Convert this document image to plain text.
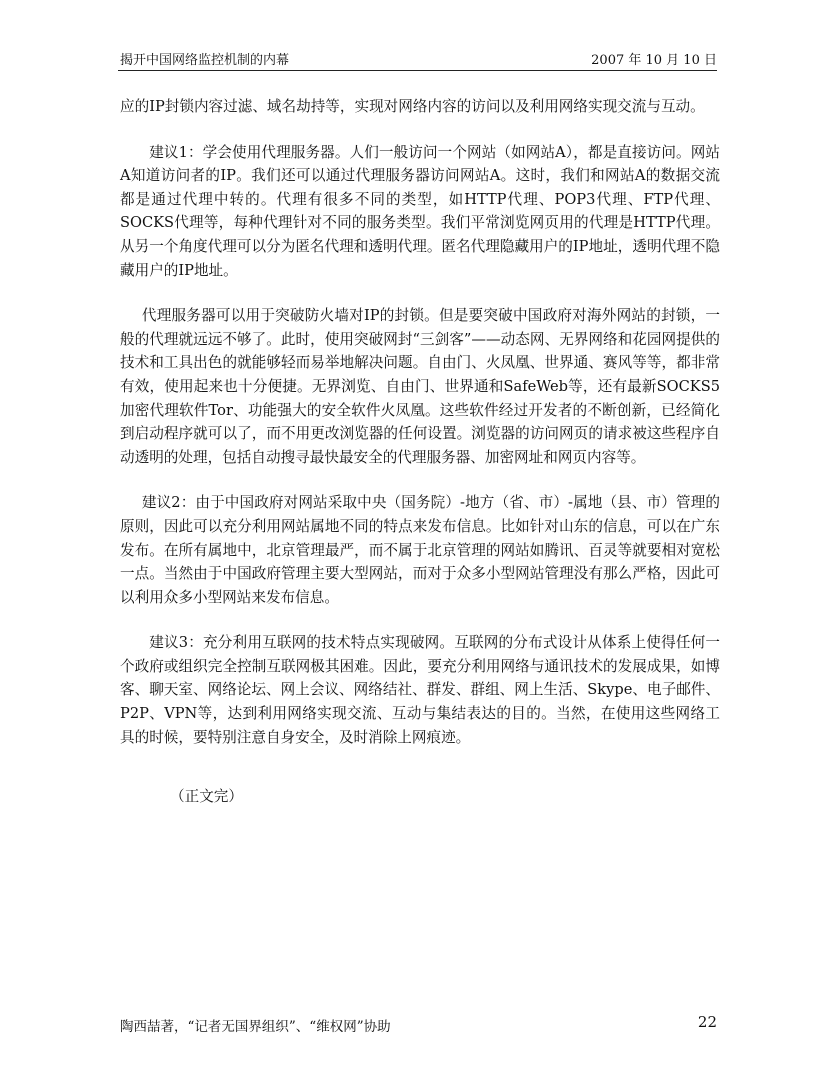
揭开中国网络监控机制的内幕	2007 年 10 月 10 日

应的IP封锁内容过滤、域名劫持等，实现对网络内容的访问以及利用网络实现交流与互动。

建议1：学会使用代理服务器。人们一般访问一个网站（如网站A），都是直接访问。网站A知道访问者的IP。我们还可以通过代理服务器访问网站A。这时，我们和网站A的数据交流都是通过代理中转的。代理有很多不同的类型，如HTTP代理、POP3代理、FTP代理、SOCKS代理等，每种代理针对不同的服务类型。我们平常浏览网页用的代理是HTTP代理。从另一个角度代理可以分为匿名代理和透明代理。匿名代理隐藏用户的IP地址，透明代理不隐藏用户的IP地址。

代理服务器可以用于突破防火墙对IP的封锁。但是要突破中国政府对海外网站的封锁，一般的代理就远远不够了。此时，使用突破网封“三剑客”——动态网、无界网络和花园网提供的技术和工具出色的就能够轻而易举地解决问题。自由门、火凤凰、世界通、赛风等等，都非常有效，使用起来也十分便捷。无界浏览、自由门、世界通和SafeWeb等，还有最新SOCKS5加密代理软件Tor、功能强大的安全软件火凤凰。这些软件经过开发者的不断创新，已经简化到启动程序就可以了，而不用更改浏览器的任何设置。浏览器的访问网页的请求被这些程序自动透明的处理，包括自动搜寻最快最安全的代理服务器、加密网址和网页内容等。

建议2：由于中国政府对网站采取中央（国务院）-地方（省、市）-属地（县、市）管理的原则，因此可以充分利用网站属地不同的特点来发布信息。比如针对山东的信息，可以在广东发布。在所有属地中，北京管理最严，而不属于北京管理的网站如腾讯、百灵等就要相对宽松一点。当然由于中国政府管理主要大型网站，而对于众多小型网站管理没有那么严格，因此可以利用众多小型网站来发布信息。

建议3：充分利用互联网的技术特点实现破网。互联网的分布式设计从体系上使得任何一个政府或组织完全控制互联网极其困难。因此，要充分利用网络与通讯技术的发展成果，如博客、聊天室、网络论坛、网上会议、网络结社、群发、群组、网上生活、Skype、电子邮件、P2P、VPN等，达到利用网络实现交流、互动与集结表达的目的。当然，在使用这些网络工具的时候，要特别注意自身安全，及时消除上网痕迹。

（正文完）

陶西喆著，“记者无国界组织”、“维权网”协助	22
